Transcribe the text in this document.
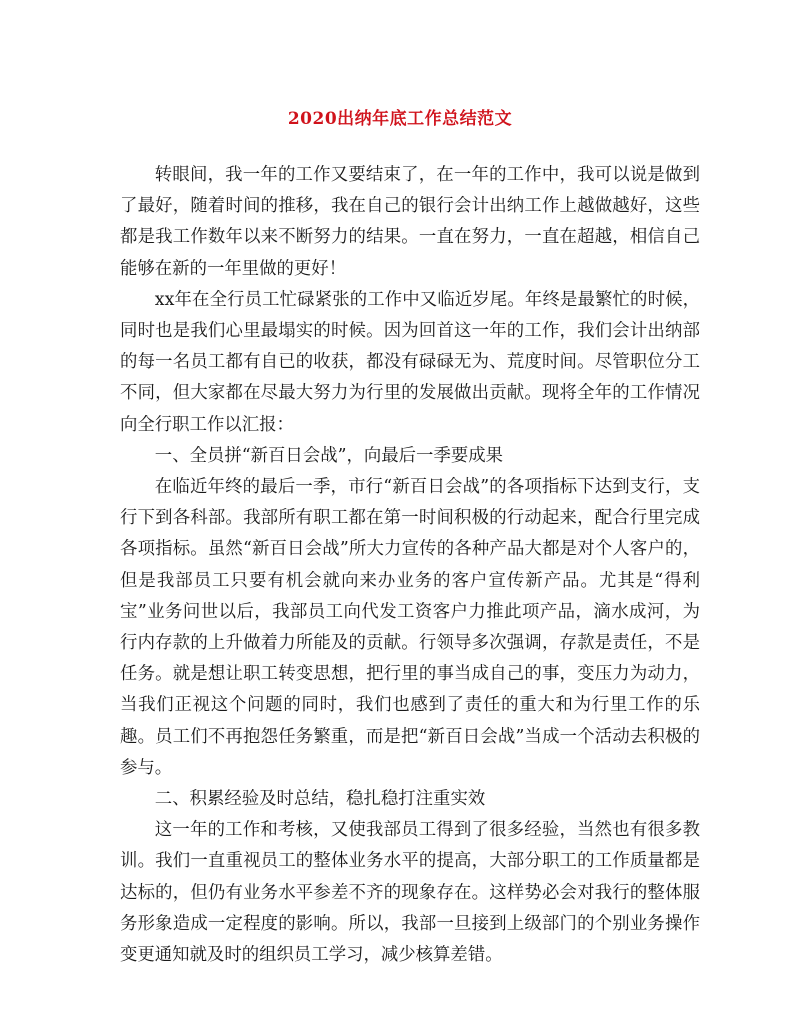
2020出纳年底工作总结范文

转眼间，我一年的工作又要结束了，在一年的工作中，我可以说是做到了最好，随着时间的推移，我在自己的银行会计出纳工作上越做越好，这些都是我工作数年以来不断努力的结果。一直在努力，一直在超越，相信自己能够在新的一年里做的更好！

xx年在全行员工忙碌紧张的工作中又临近岁尾。年终是最繁忙的时候，同时也是我们心里最塌实的时候。因为回首这一年的工作，我们会计出纳部的每一名员工都有自已的收获，都没有碌碌无为、荒度时间。尽管职位分工不同，但大家都在尽最大努力为行里的发展做出贡献。现将全年的工作情况向全行职工作以汇报：

一、全员拼“新百日会战”，向最后一季要成果

在临近年终的最后一季，市行“新百日会战”的各项指标下达到支行，支行下到各科部。我部所有职工都在第一时间积极的行动起来，配合行里完成各项指标。虽然“新百日会战”所大力宣传的各种产品大都是对个人客户的，但是我部员工只要有机会就向来办业务的客户宣传新产品。尤其是“得利宝”业务问世以后，我部员工向代发工资客户力推此项产品，滴水成河，为行内存款的上升做着力所能及的贡献。行领导多次强调，存款是责任，不是任务。就是想让职工转变思想，把行里的事当成自己的事，变压力为动力，当我们正视这个问题的同时，我们也感到了责任的重大和为行里工作的乐趣。员工们不再抱怨任务繁重，而是把“新百日会战”当成一个活动去积极的参与。

二、积累经验及时总结，稳扎稳打注重实效

这一年的工作和考核，又使我部员工得到了很多经验，当然也有很多教训。我们一直重视员工的整体业务水平的提高，大部分职工的工作质量都是达标的，但仍有业务水平参差不齐的现象存在。这样势必会对我行的整体服务形象造成一定程度的影响。所以，我部一旦接到上级部门的个别业务操作变更通知就及时的组织员工学习，减少核算差错。
